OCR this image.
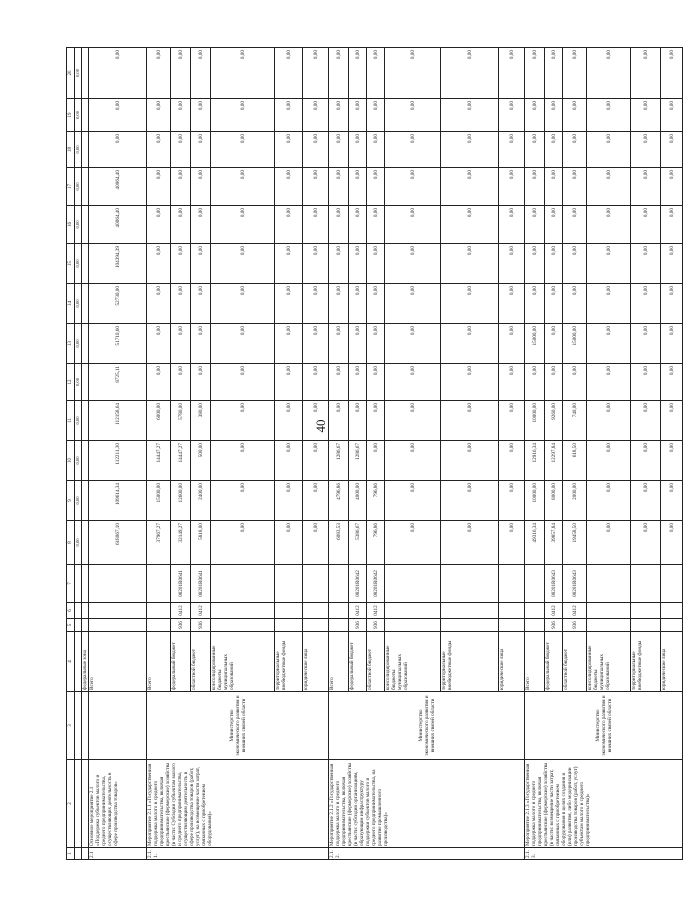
40
1	2	3	4	5	6	7	8	9	10	11	12	13	14	15	16	17	18	19	20	
							0,00	0,00	0,00	0,00	0,00	0,00	0,00	0,00	0,00	0,00	0,00	0,00	0,00	
			федеральные зона																	
2.1	Основное мероприятие 2.1 «Поддержка субъектов малого и среднего предпринимательства, осуществляющих деятельность в сфере производства товаров»		Всего				618067,10	109614,34	112211,30	112158,64	8725,11	51710,60	52730,00	104394,39	40064,40	40064,40	0,00	0,00	0,00	
2.1.1.	Мероприятие 2.1.1 «Государственная поддержка малого и среднего предпринимательства, включая крестьянские (фермерские) хозяйства (в части: Субсидии субъектам малого и среднего предпринимательства, осуществляющим деятельность в сфере производства товаров (работ, услуг), на возмещение части затрат, связанных с приобретением оборудования)»	Министерство экономического развития и внешних связей области	Всего				37967,27	15000,00	14447,27	6000,00	0,00	0,00	0,00	0,00	0,00	0,00	0,00	0,00	0,00	
			федеральный бюджет	936	0412	08201R0641	32149,27	12600,00	14447,27	5780,00	0,00	0,00	0,00	0,00	0,00	0,00	0,00	0,00	0,00	
			областной бюджет	936	0412	08201R0641	5818,00	2400,00	500,00	380,00	0,00	0,00	0,00	0,00	0,00	0,00	0,00	0,00	0,00	
			консолидированные бюджеты муниципальных образований				0,00	0,00	0,00	0,00	0,00	0,00	0,00	0,00	0,00	0,00	0,00	0,00	0,00	
			территориальные внебюджетные фонды				0,00	0,00	0,00	0,00	0,00	0,00	0,00	0,00	0,00	0,00	0,00	0,00	0,00	
			юридические лица				0,00	0,00	0,00	0,00	0,00	0,00	0,00	0,00	0,00	0,00	0,00	0,00	0,00	
2.1.2.	Мероприятие 2.1.2 «Государственная поддержка малого и среднего предпринимательства, включая крестьянские (фермерские) хозяйства (в части: субсидии организациям, образующим инфраструктуру поддержки субъектов малого и среднего предпринимательства, на развитие промышленного производства)»	Министерство экономического развития и внешних связей области	Всего				6083,53	4796,86	1286,67	0,00	0,00	0,00	0,00	0,00	0,00	0,00	0,00	0,00	0,00	
			федеральный бюджет	936	0412	08201R0642	5386,67	4000,00	1286,67	0,00	0,00	0,00	0,00	0,00	0,00	0,00	0,00	0,00	0,00	
			областной бюджет	936	0412	08201R0642	796,86	796,86	0,00	0,00	0,00	0,00	0,00	0,00	0,00	0,00	0,00	0,00	0,00	
			консолидированные бюджеты муниципальных образований				0,00	0,00	0,00	0,00	0,00	0,00	0,00	0,00	0,00	0,00	0,00	0,00	0,00	
			территориальные внебюджетные фонды				0,00	0,00	0,00	0,00	0,00	0,00	0,00	0,00	0,00	0,00	0,00	0,00	0,00	
			юридические лица				0,00	0,00	0,00	0,00	0,00	0,00	0,00	0,00	0,00	0,00	0,00	0,00	0,00	
2.1.3.	Мероприятие 2.1.3 «Государственная поддержка малого и среднего предпринимательства, включая крестьянские (фермерские) хозяйства (в части: возмещение части затрат, связанных с приобретением оборудования в целях создания и (или) развития, либо модернизации производства товаров (работ, услуг) субъектам малого и среднего предпринимательства)»	Министерство экономического развития и внешних связей области	Всего				49316,34	10000,00	12916,34	10000,00	0,00	15000,00	0,00	0,00	0,00	0,00	0,00	0,00	0,00	
			федеральный бюджет	936	0412	08201R0643	39857,84	8000,00	12297,84	9260,00	0,00	0,00	0,00	0,00	0,00	0,00	0,00	0,00	0,00	
			областной бюджет	936	0412	08201R0643	19458,50	2000,00	618,50	740,00	0,00	15000,00	0,00	0,00	0,00	0,00	0,00	0,00	0,00	
			консолидированные бюджеты муниципальных образований				0,00	0,00	0,00	0,00	0,00	0,00	0,00	0,00	0,00	0,00	0,00	0,00	0,00	
			территориальные внебюджетные фонды				0,00	0,00	0,00	0,00	0,00	0,00	0,00	0,00	0,00	0,00	0,00	0,00	0,00	
			юридические лица				0,00	0,00	0,00	0,00	0,00	0,00	0,00	0,00	0,00	0,00	0,00	0,00	0,00	
